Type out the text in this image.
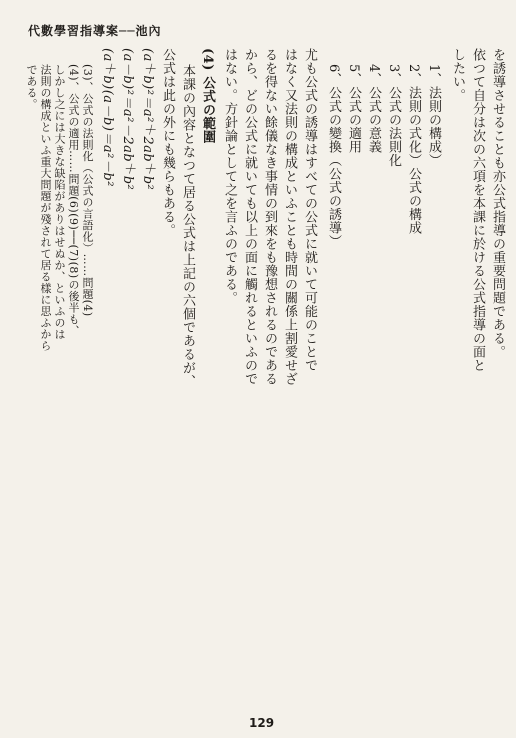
代數學習指導案──池內
を誘導させることも亦公式指導の重要問題である。
依つて自分は次の六項を本課に於ける公式指導の面と
したい。
1、法則の構成）
2、法則の式化）公式の構成
3、公式の法則化
4、公式の意義
5、公式の適用
6、公式の變換（公式の誘導）
尤も公式の誘導はすべての公式に就いて可能のことで
はなく又法則の構成といふことも時間の關係上割愛せざ
るを得ない餘儀なき事情の到來をも豫想されるのである
から、どの公式に就いても以上の面に觸れるといふので
はない。方針論として之を言ふのである。
(4) 公式の範圍
本課の內容となつて居る公式は上記の六個であるが、
公式は此の外にも幾らもある。
(a＋b)²＝a²＋2ab＋b²
(a－b)²＝a²－2ab＋b²
(a＋b)(a－b)＝a²－b²
(3)、公式の法則化（公式の言語化）……問題(4)
(4)、公式の適用……問題(6)(9)──(7)(8)の後半も、
しかし之には大きな缺陷がありはせぬか、といふのは
法則の構成といふ重大問題が殘されて居る樣に思ふから
である。
129
